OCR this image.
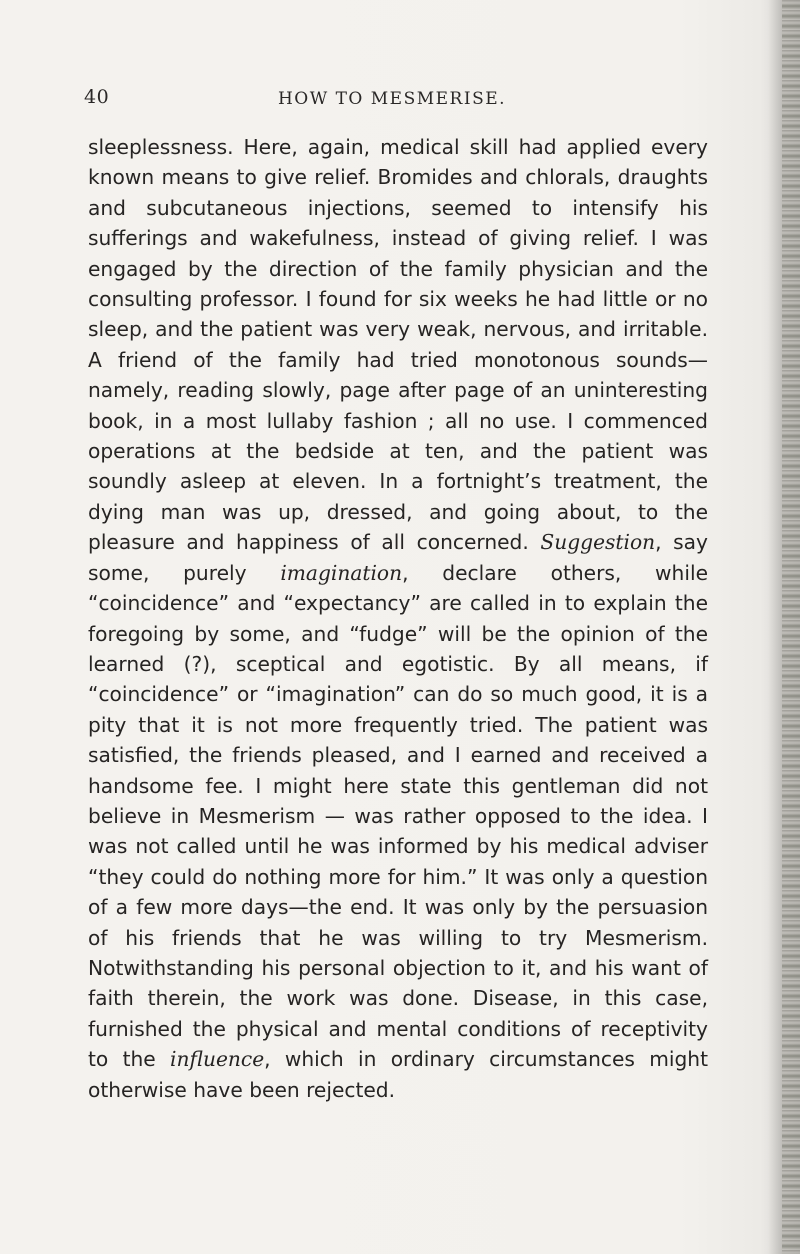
40	HOW TO MESMERISE.
sleeplessness. Here, again, medical skill had applied every known means to give relief. Bromides and chlorals, draughts and subcutaneous injections, seemed to intensify his sufferings and wakefulness, instead of giving relief. I was engaged by the direction of the family physician and the consulting professor. I found for six weeks he had little or no sleep, and the patient was very weak, nervous, and irritable. A friend of the family had tried monotonous sounds—namely, reading slowly, page after page of an uninteresting book, in a most lullaby fashion ; all no use. I commenced operations at the bedside at ten, and the patient was soundly asleep at eleven. In a fortnight’s treatment, the dying man was up, dressed, and going about, to the pleasure and happiness of all concerned. Suggestion, say some, purely imagination, declare others, while “coincidence” and “expectancy” are called in to explain the foregoing by some, and “fudge” will be the opinion of the learned (?), sceptical and egotistic. By all means, if “coincidence” or “imagination” can do so much good, it is a pity that it is not more frequently tried. The patient was satisfied, the friends pleased, and I earned and received a handsome fee. I might here state this gentleman did not believe in Mesmerism — was rather opposed to the idea. I was not called until he was informed by his medical adviser “they could do nothing more for him.” It was only a question of a few more days—the end. It was only by the persuasion of his friends that he was willing to try Mesmerism. Notwithstanding his personal objection to it, and his want of faith therein, the work was done. Disease, in this case, furnished the physical and mental conditions of receptivity to the influence, which in ordinary circumstances might otherwise have been rejected.
